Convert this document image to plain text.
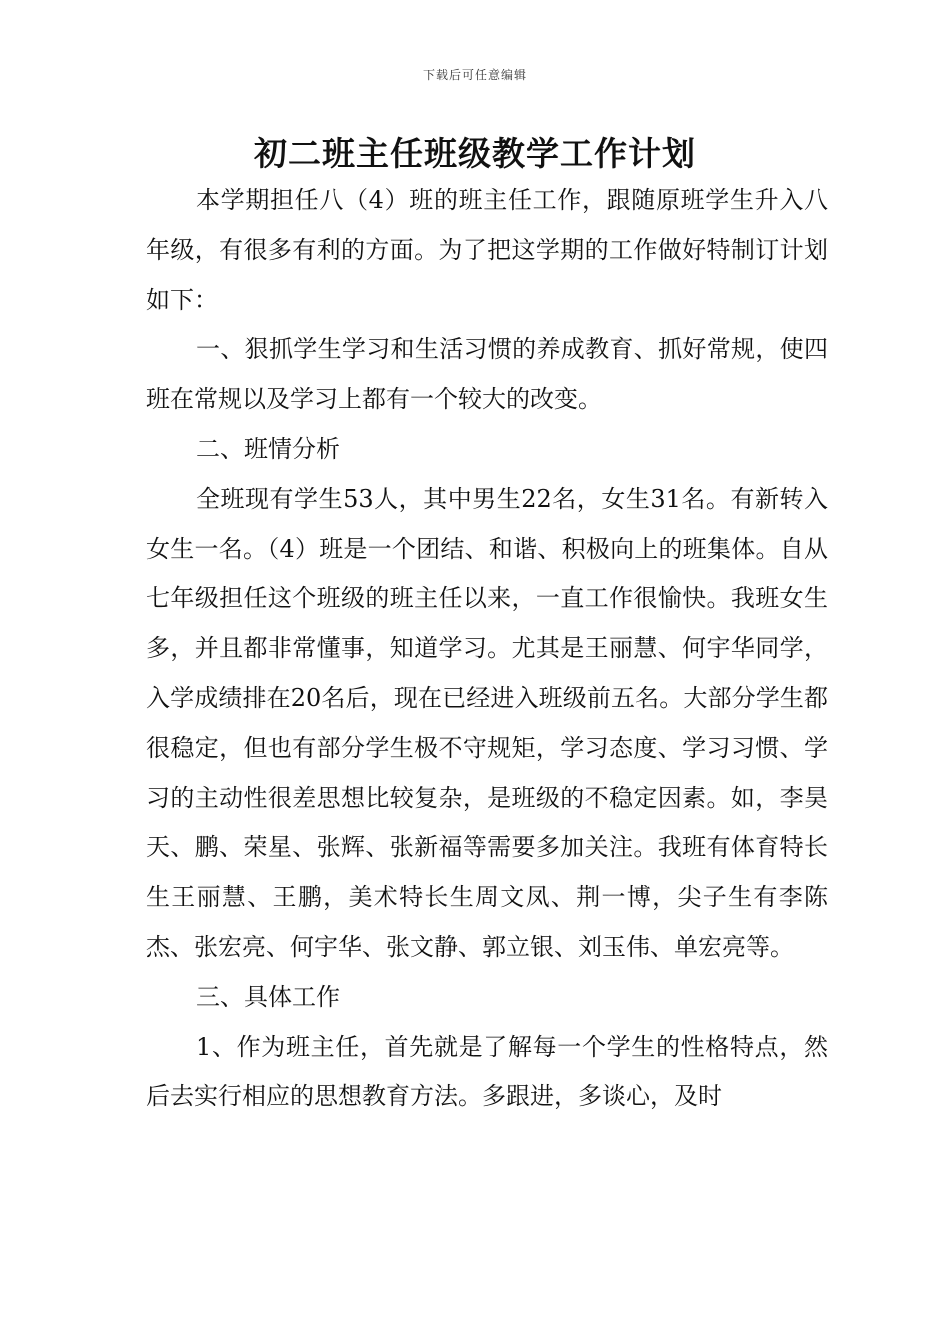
下载后可任意编辑
初二班主任班级教学工作计划

本学期担任八（4）班的班主任工作，跟随原班学生升入八年级，有很多有利的方面。为了把这学期的工作做好特制订计划如下：

一、狠抓学生学习和生活习惯的养成教育、抓好常规，使四班在常规以及学习上都有一个较大的改变。

二、班情分析

全班现有学生53人，其中男生22名，女生31名。有新转入女生一名。（4）班是一个团结、和谐、积极向上的班集体。自从七年级担任这个班级的班主任以来，一直工作很愉快。我班女生多，并且都非常懂事，知道学习。尤其是王丽慧、何宇华同学，入学成绩排在20名后，现在已经进入班级前五名。大部分学生都很稳定，但也有部分学生极不守规矩，学习态度、学习习惯、学习的主动性很差思想比较复杂，是班级的不稳定因素。如，李昊天、鹏、荣星、张辉、张新福等需要多加关注。我班有体育特长生王丽慧、王鹏，美术特长生周文凤、荆一博，尖子生有李陈杰、张宏亮、何宇华、张文静、郭立银、刘玉伟、单宏亮等。

三、具体工作

1、作为班主任，首先就是了解每一个学生的性格特点，然后去实行相应的思想教育方法。多跟进，多谈心，及时
